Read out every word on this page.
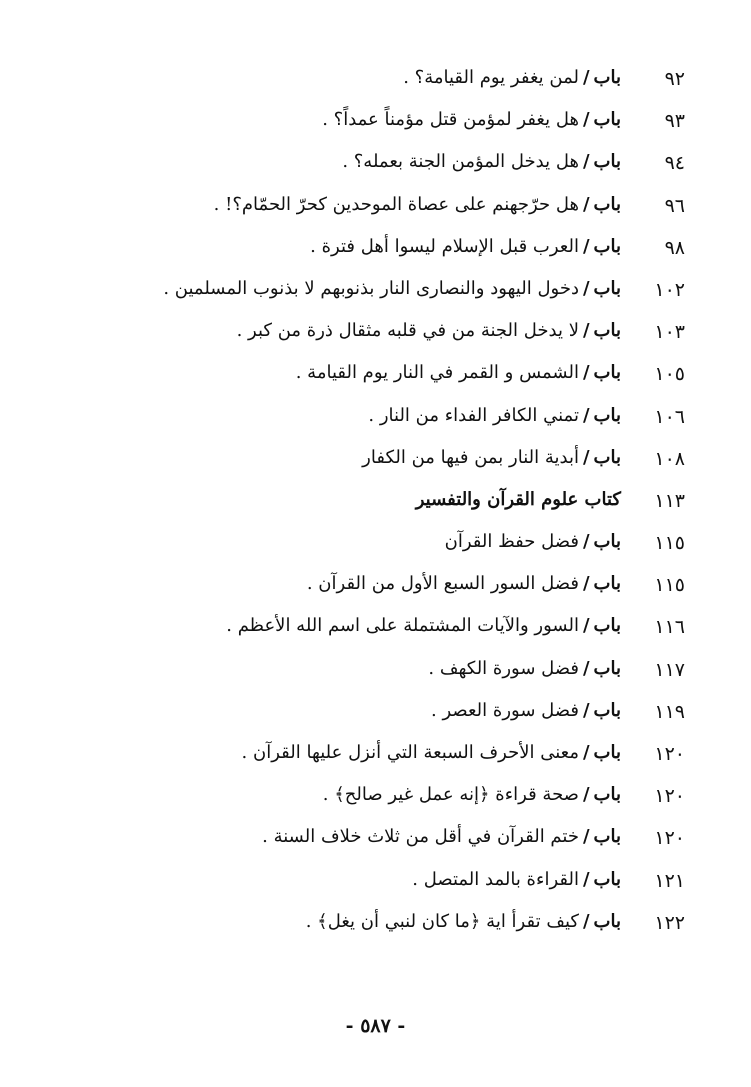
٩٢
باب/لمن يغفر يوم القيامة؟ .
٩٣
باب/هل يغفر لمؤمن قتل مؤمناً عمداً؟ .
٩٤
باب/هل يدخل المؤمن الجنة بعمله؟ .
٩٦
باب/هل حرّجهنم على عصاة الموحدين كحرّ الحمّام؟! .
٩٨
باب/العرب قبل الإسلام ليسوا أهل فترة .
١٠٢
باب/دخول اليهود والنصارى النار بذنوبهم لا بذنوب المسلمين .
١٠٣
باب/لا يدخل الجنة من في قلبه مثقال ذرة من كبر .
١٠٥
باب/الشمس و القمر في النار يوم القيامة .
١٠٦
باب/تمني الكافر الفداء من النار .
١٠٨
باب/أبدية النار بمن فيها من الكفار
١١٣
كتاب علوم القرآن والتفسير
١١٥
باب/فضل حفظ القرآن
١١٥
باب/فضل السور السبع الأول من القرآن .
١١٦
باب/السور والآيات المشتملة على اسم الله الأعظم .
١١٧
باب/فضل سورة الكهف .
١١٩
باب/فضل سورة العصر .
١٢٠
باب/معنى الأحرف السبعة التي أنزل عليها القرآن .
١٢٠
باب/صحة قراءة ﴿إنه عمل غير صالح﴾ .
١٢٠
باب/ختم القرآن في أقل من ثلاث خلاف السنة .
١٢١
باب/القراءة بالمد المتصل .
١٢٢
باب/كيف تقرأ اية ﴿ما كان لنبي أن يغل﴾ .
- ٥٨٧ -
